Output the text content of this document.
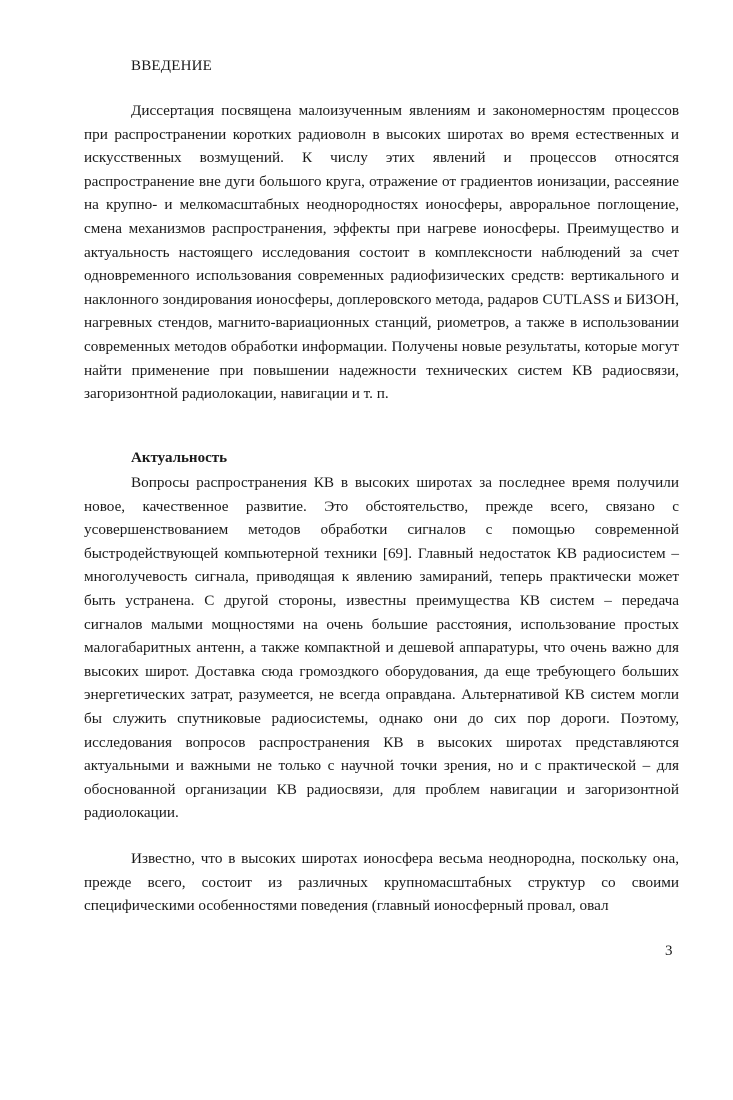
ВВЕДЕНИЕ

Диссертация посвящена малоизученным явлениям и закономерностям процессов при распространении коротких радиоволн в высоких широтах во время естественных и искусственных возмущений. К числу этих явлений и процессов относятся распространение вне дуги большого круга, отражение от градиентов ионизации, рассеяние на крупно- и мелкомасштабных неоднородностях ионосферы, авроральное поглощение, смена механизмов распространения, эффекты при нагреве ионосферы. Преимущество и актуальность настоящего исследования состоит в комплексности наблюдений за счет одновременного использования современных радиофизических средств: вертикального и наклонного зондирования ионосферы, доплеровского метода, радаров CUTLASS и БИЗОН, нагревных стендов, магнито-вариационных станций, риометров, а также в использовании современных методов обработки информации. Получены новые результаты, которые могут найти применение при повышении надежности технических систем КВ радиосвязи, загоризонтной радиолокации, навигации и т. п.

Актуальность

Вопросы распространения КВ в высоких широтах за последнее время получили новое, качественное развитие. Это обстоятельство, прежде всего, связано с усовершенствованием методов обработки сигналов с помощью современной быстродействующей компьютерной техники [69]. Главный недостаток КВ радиосистем – многолучевость сигнала, приводящая к явлению замираний, теперь практически может быть устранена. С другой стороны, известны преимущества КВ систем – передача сигналов малыми мощностями на очень большие расстояния, использование простых малогабаритных антенн, а также компактной и дешевой аппаратуры, что очень важно для высоких широт. Доставка сюда громоздкого оборудования, да еще требующего больших энергетических затрат, разумеется, не всегда оправдана. Альтернативой КВ систем могли бы служить спутниковые радиосистемы, однако они до сих пор дороги. Поэтому, исследования вопросов распространения КВ в высоких широтах представляются актуальными и важными не только с научной точки зрения, но и с практической – для обоснованной организации КВ радиосвязи, для проблем навигации и загоризонтной радиолокации.

Известно, что в высоких широтах ионосфера весьма неоднородна, поскольку она, прежде всего, состоит из различных крупномасштабных структур со своими специфическими особенностями поведения (главный ионосферный провал, овал

3
